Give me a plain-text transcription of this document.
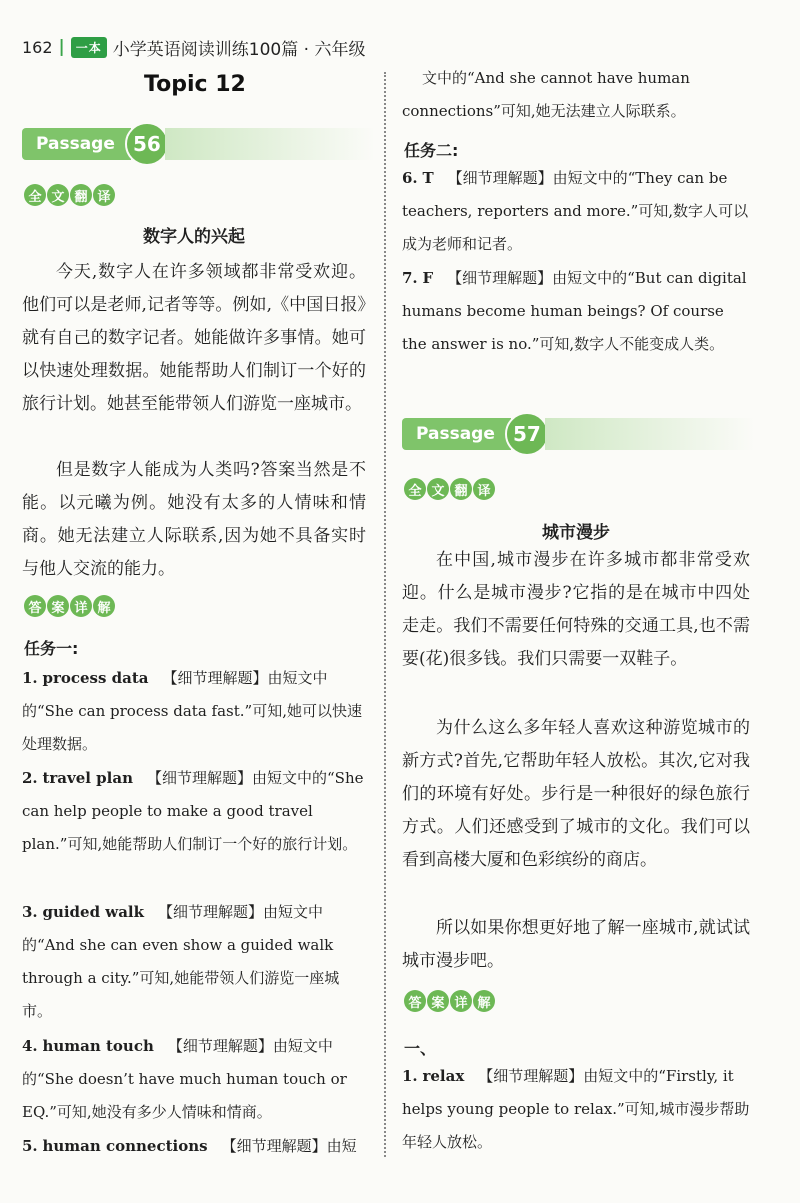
162 | 一本 小学英语阅读训练100篇 · 六年级
Topic 12
Passage 56
全 文 翻 译
数字人的兴起
今天,数字人在许多领域都非常受欢迎。他们可以是老师,记者等等。例如,《中国日报》就有自己的数字记者。她能做许多事情。她可以快速处理数据。她能帮助人们制订一个好的旅行计划。她甚至能带领人们游览一座城市。
但是数字人能成为人类吗?答案当然是不能。以元曦为例。她没有太多的人情味和情商。她无法建立人际联系,因为她不具备实时与他人交流的能力。
答 案 详 解
任务一:
1. process data 【细节理解题】由短文中的“She can process data fast.”可知,她可以快速处理数据。
2. travel plan 【细节理解题】由短文中的“She can help people to make a good travel plan.”可知,她能帮助人们制订一个好的旅行计划。
3. guided walk 【细节理解题】由短文中的“And she can even show a guided walk through a city.”可知,她能带领人们游览一座城市。
4. human touch 【细节理解题】由短文中的“She doesn’t have much human touch or EQ.”可知,她没有多少人情味和情商。
5. human connections 【细节理解题】由短
文中的“And she cannot have human connections”可知,她无法建立人际联系。
任务二:
6. T 【细节理解题】由短文中的“They can be teachers, reporters and more.”可知,数字人可以成为老师和记者。
7. F 【细节理解题】由短文中的“But can digital humans become human beings? Of course the answer is no.”可知,数字人不能变成人类。
Passage 57
全 文 翻 译
城市漫步
在中国,城市漫步在许多城市都非常受欢迎。什么是城市漫步?它指的是在城市中四处走走。我们不需要任何特殊的交通工具,也不需要(花)很多钱。我们只需要一双鞋子。
为什么这么多年轻人喜欢这种游览城市的新方式?首先,它帮助年轻人放松。其次,它对我们的环境有好处。步行是一种很好的绿色旅行方式。人们还感受到了城市的文化。我们可以看到高楼大厦和色彩缤纷的商店。
所以如果你想更好地了解一座城市,就试试城市漫步吧。
答 案 详 解
一、
1. relax 【细节理解题】由短文中的“Firstly, it helps young people to relax.”可知,城市漫步帮助年轻人放松。
